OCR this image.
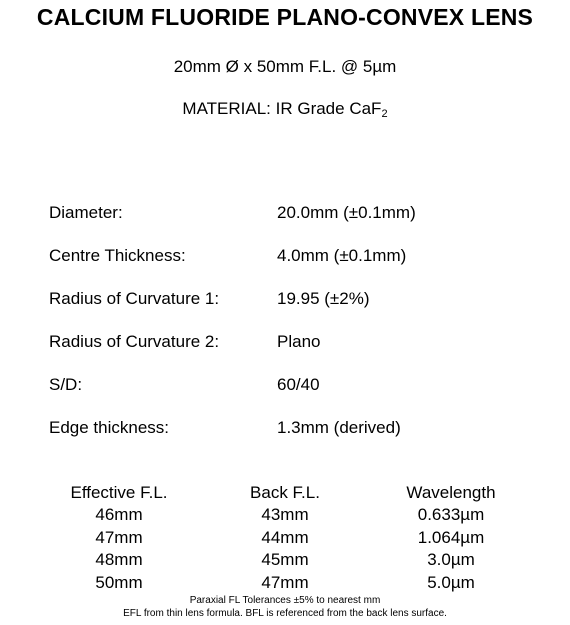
CALCIUM FLUORIDE PLANO-CONVEX LENS
20mm Ø x 50mm F.L. @ 5µm
MATERIAL: IR Grade CaF$_2$
Diameter:	20.0mm (±0.1mm)
Centre Thickness:	4.0mm (±0.1mm)
Radius of Curvature 1:	19.95 (±2%)
Radius of Curvature 2:	Plano
S/D:	60/40
Edge thickness:	1.3mm (derived)
Effective F.L.	Back F.L.	Wavelength
46mm	43mm	0.633µm
47mm	44mm	1.064µm
48mm	45mm	3.0µm
50mm	47mm	5.0µm
Paraxial FL Tolerances ±5% to nearest mm
EFL from thin lens formula. BFL is referenced from the back lens surface.
